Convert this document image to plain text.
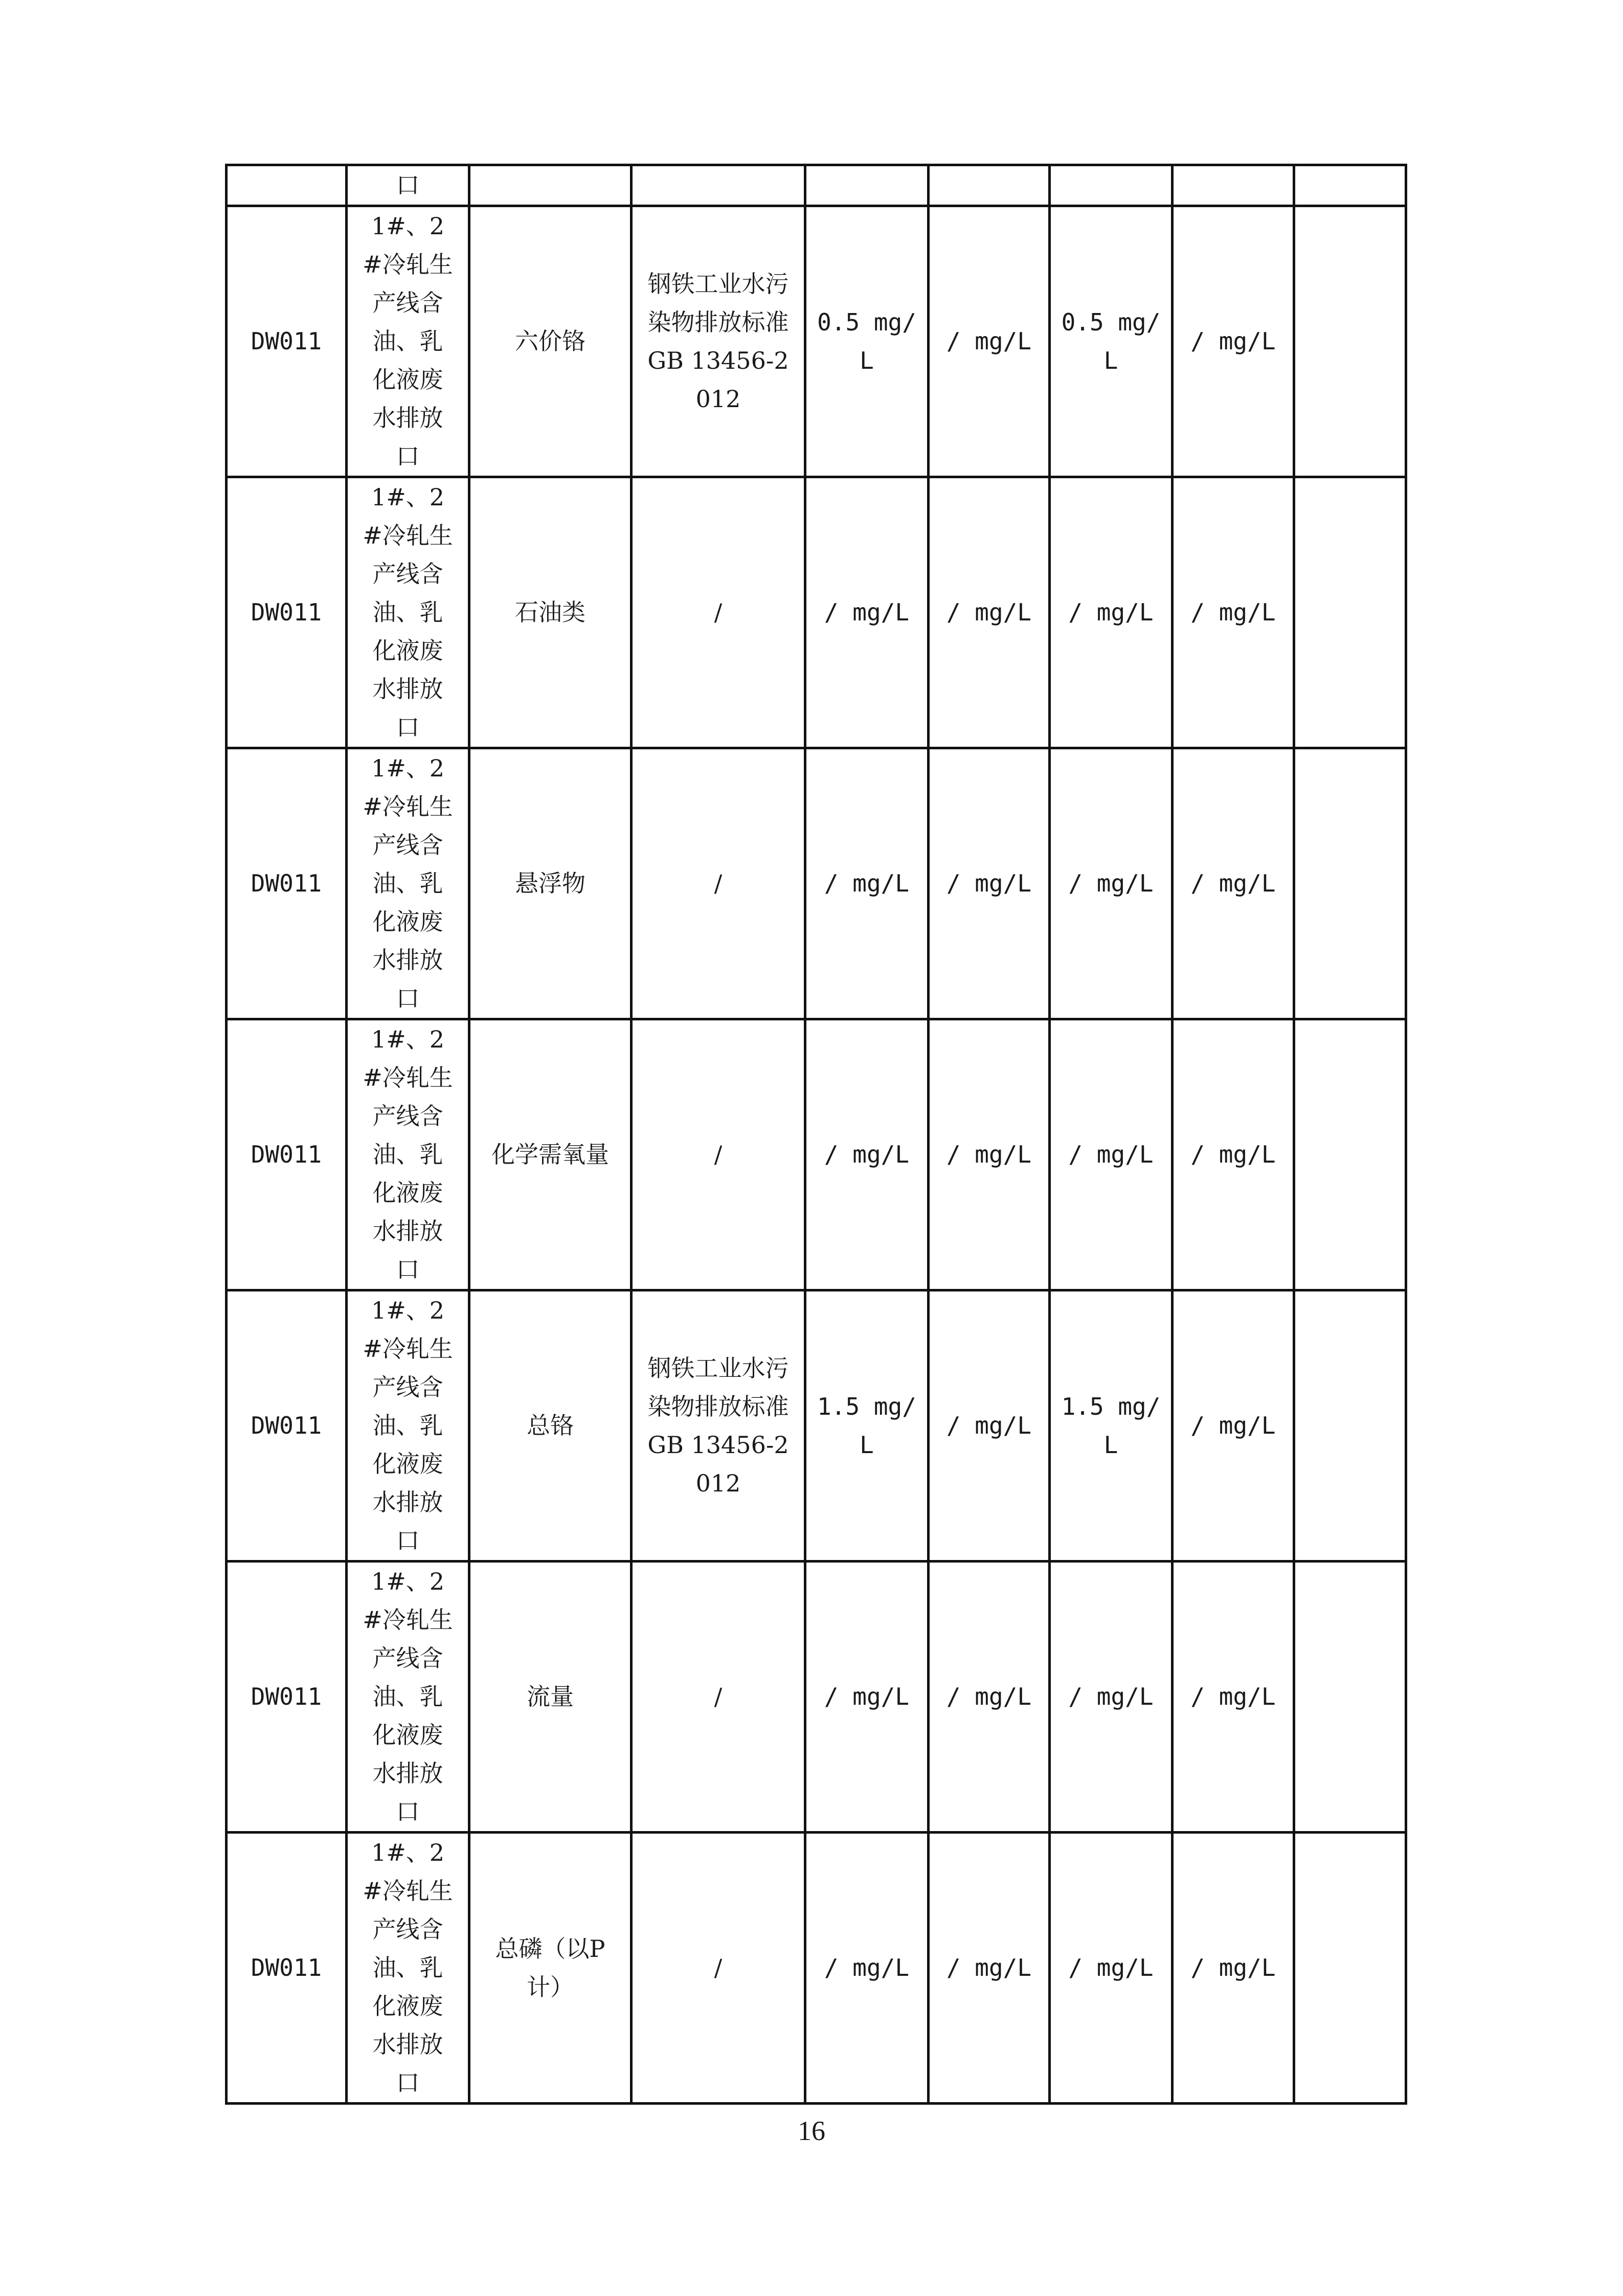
	口							
DW011	1#、2#冷轧生产线含油、乳化液废水排放口	六价铬	钢铁工业水污染物排放标准 GB 13456-2012	0.5 mg/L	/ mg/L	0.5 mg/L	/ mg/L	

DW011	1#、2#冷轧生产线含油、乳化液废水排放口	石油类	/	/ mg/L	/ mg/L	/ mg/L	/ mg/L	

DW011	1#、2#冷轧生产线含油、乳化液废水排放口	悬浮物	/	/ mg/L	/ mg/L	/ mg/L	/ mg/L	

DW011	1#、2#冷轧生产线含油、乳化液废水排放口	化学需氧量	/	/ mg/L	/ mg/L	/ mg/L	/ mg/L	

DW011	1#、2#冷轧生产线含油、乳化液废水排放口	总铬	钢铁工业水污染物排放标准 GB 13456-2012	1.5 mg/L	/ mg/L	1.5 mg/L	/ mg/L	

DW011	1#、2#冷轧生产线含油、乳化液废水排放口	流量	/	/ mg/L	/ mg/L	/ mg/L	/ mg/L	

DW011	1#、2#冷轧生产线含油、乳化液废水排放口	总磷（以P计）	/	/ mg/L	/ mg/L	/ mg/L	/ mg/L	

16
